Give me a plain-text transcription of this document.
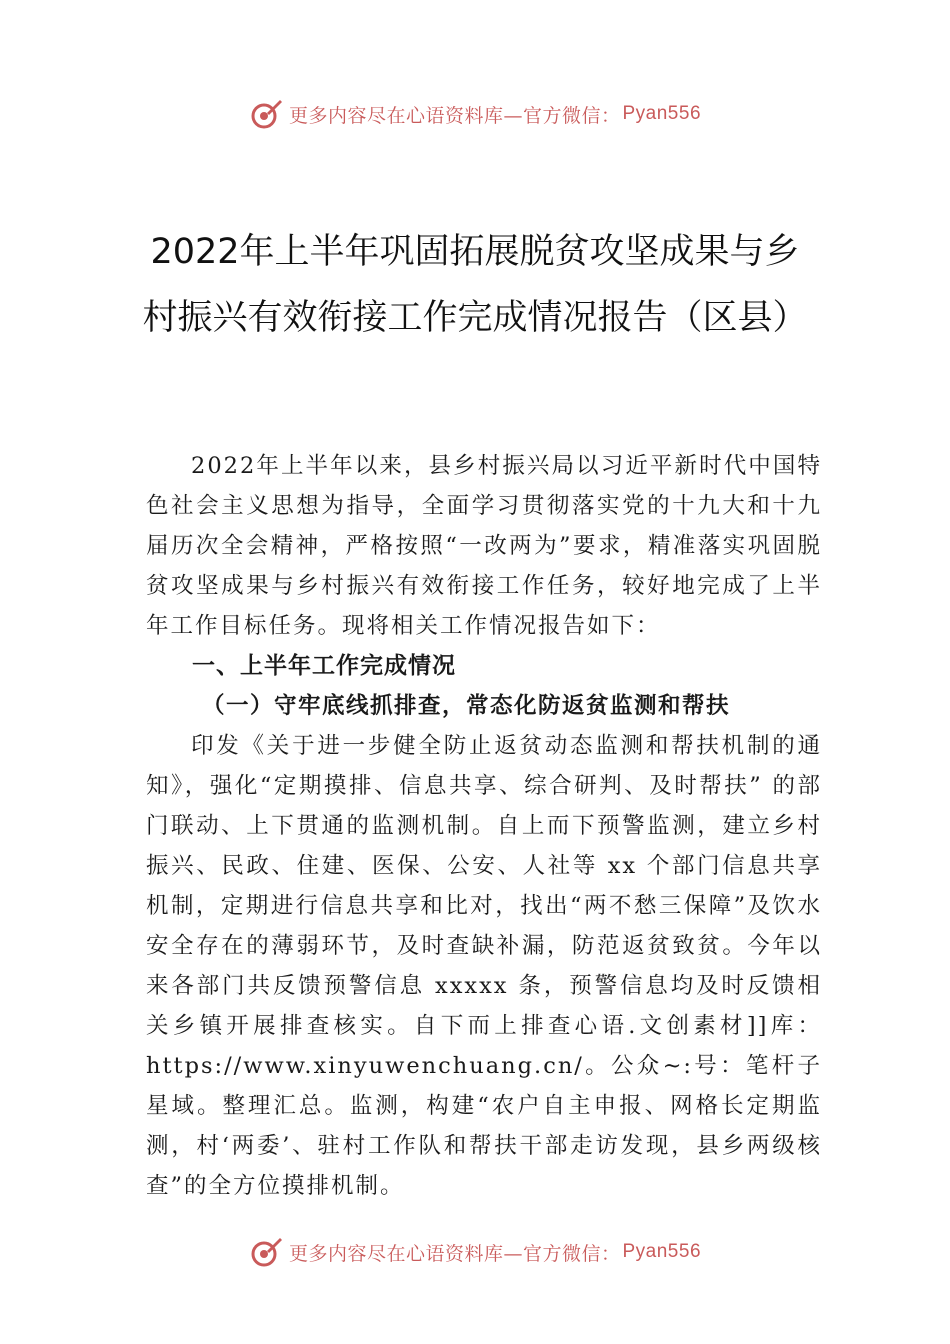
更多内容尽在心语资料库—官方微信： Pyan556
2022年上半年巩固拓展脱贫攻坚成果与乡村振兴有效衔接工作完成情况报告（区县）

2022年上半年以来，县乡村振兴局以习近平新时代中国特色社会主义思想为指导，全面学习贯彻落实党的十九大和十九届历次全会精神，严格按照“一改两为”要求，精准落实巩固脱贫攻坚成果与乡村振兴有效衔接工作任务，较好地完成了上半年工作目标任务。现将相关工作情况报告如下：

一、上半年工作完成情况
（一）守牢底线抓排查，常态化防返贫监测和帮扶

印发《关于进一步健全防止返贫动态监测和帮扶机制的通知》，强化“定期摸排、信息共享、综合研判、及时帮扶” 的部门联动、上下贯通的监测机制。自上而下预警监测，建立乡村振兴、民政、住建、医保、公安、人社等 xx 个部门信息共享机制，定期进行信息共享和比对，找出“两不愁三保障”及饮水安全存在的薄弱环节，及时查缺补漏，防范返贫致贫。今年以来各部门共反馈预警信息 xxxxx 条，预警信息均及时反馈相关乡镇开展排查核实。自下而上排查心语.文创素材]]库：https://www.xinyuwenchuang.cn/。公众~:号：笔杆子星域。整理汇总。监测，构建“农户自主申报、网格长定期监测，村‘两委’、驻村工作队和帮扶干部走访发现，县乡两级核查”的全方位摸排机制。

更多内容尽在心语资料库—官方微信： Pyan556
